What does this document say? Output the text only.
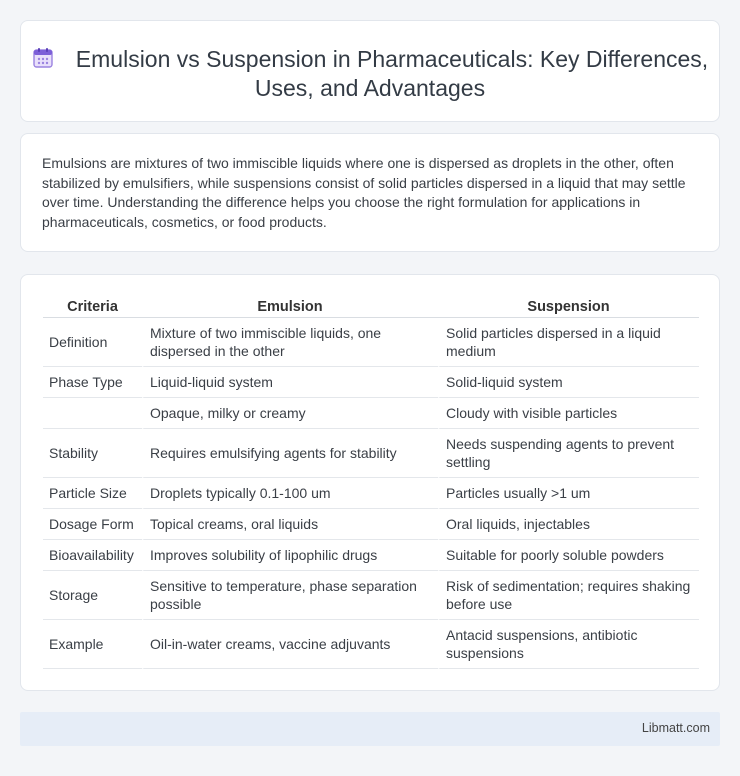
Emulsion vs Suspension in Pharmaceuticals: Key Differences, Uses, and Advantages

Emulsions are mixtures of two immiscible liquids where one is dispersed as droplets in the other, often stabilized by emulsifiers, while suspensions consist of solid particles dispersed in a liquid that may settle over time. Understanding the difference helps you choose the right formulation for applications in pharmaceuticals, cosmetics, or food products.

Criteria	Emulsion	Suspension
Definition	Mixture of two immiscible liquids, one dispersed in the other	Solid particles dispersed in a liquid medium
Phase Type	Liquid-liquid system	Solid-liquid system
	Opaque, milky or creamy	Cloudy with visible particles
Stability	Requires emulsifying agents for stability	Needs suspending agents to prevent settling
Particle Size	Droplets typically 0.1-100 um	Particles usually >1 um
Dosage Form	Topical creams, oral liquids	Oral liquids, injectables
Bioavailability	Improves solubility of lipophilic drugs	Suitable for poorly soluble powders
Storage	Sensitive to temperature, phase separation possible	Risk of sedimentation; requires shaking before use
Example	Oil-in-water creams, vaccine adjuvants	Antacid suspensions, antibiotic suspensions
Libmatt.com
